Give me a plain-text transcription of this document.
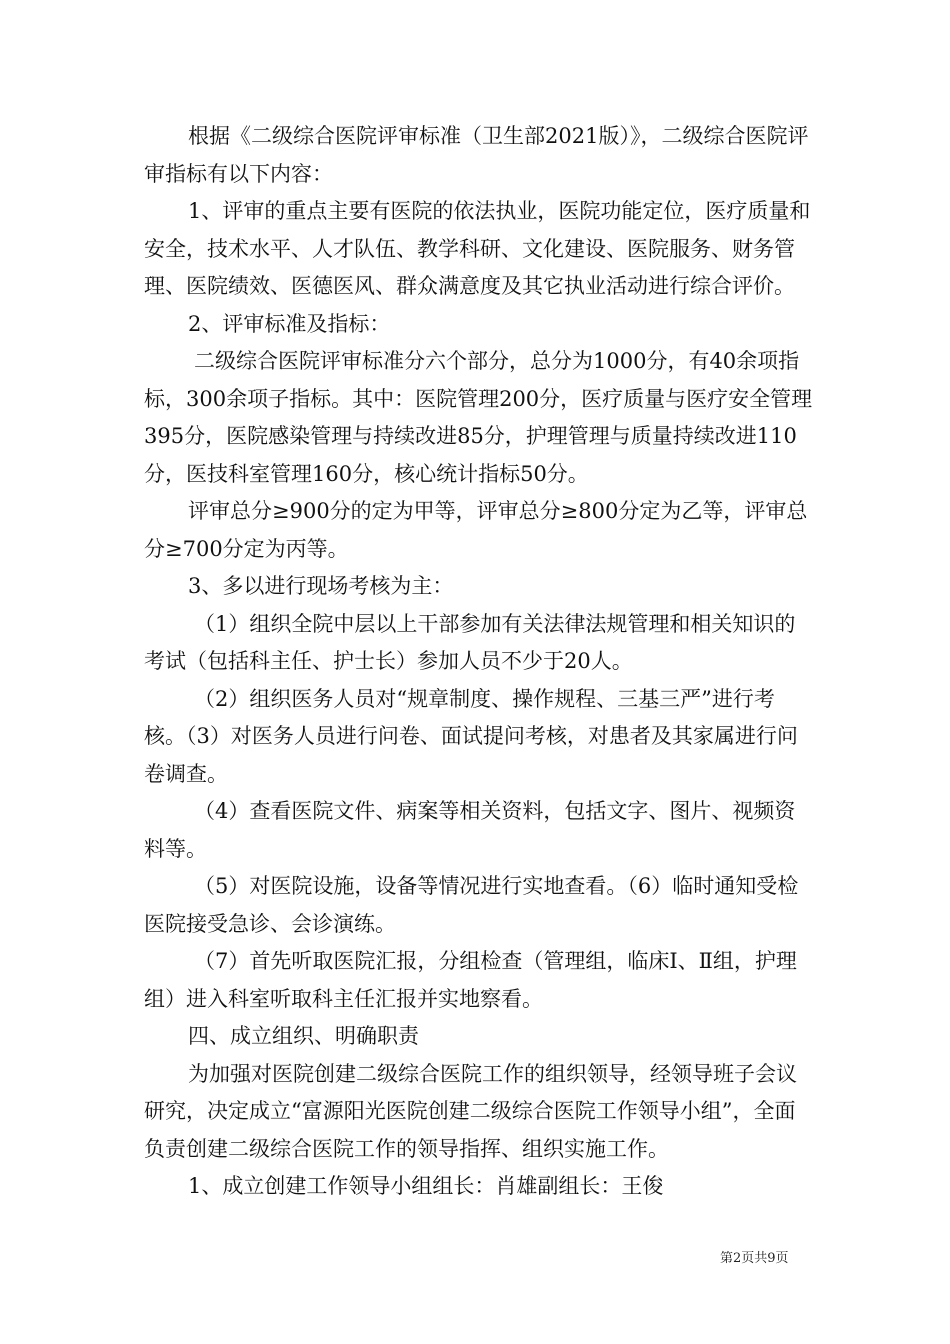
根据《二级综合医院评审标准（卫生部2021版）》，二级综合医院评审指标有以下内容：

1、评审的重点主要有医院的依法执业，医院功能定位，医疗质量和安全，技术水平、人才队伍、教学科研、文化建设、医院服务、财务管理、医院绩效、医德医风、群众满意度及其它执业活动进行综合评价。

2、评审标准及指标：

二级综合医院评审标准分六个部分，总分为1000分，有40余项指标，300余项子指标。其中：医院管理200分，医疗质量与医疗安全管理395分，医院感染管理与持续改进85分，护理管理与质量持续改进110分，医技科室管理160分，核心统计指标50分。

评审总分≥900分的定为甲等，评审总分≥800分定为乙等，评审总分≥700分定为丙等。

3、多以进行现场考核为主：

（1）组织全院中层以上干部参加有关法律法规管理和相关知识的考试（包括科主任、护士长）参加人员不少于20人。

（2）组织医务人员对“规章制度、操作规程、三基三严”进行考核。（3）对医务人员进行问卷、面试提问考核，对患者及其家属进行问卷调查。

（4）查看医院文件、病案等相关资料，包括文字、图片、视频资料等。

（5）对医院设施，设备等情况进行实地查看。（6）临时通知受检医院接受急诊、会诊演练。

（7）首先听取医院汇报，分组检查（管理组，临床Ⅰ、Ⅱ组，护理组）进入科室听取科主任汇报并实地察看。

四、成立组织、明确职责

为加强对医院创建二级综合医院工作的组织领导，经领导班子会议研究，决定成立“富源阳光医院创建二级综合医院工作领导小组”，全面负责创建二级综合医院工作的领导指挥、组织实施工作。

1、成立创建工作领导小组组长：肖雄副组长：王俊

第2页共9页
